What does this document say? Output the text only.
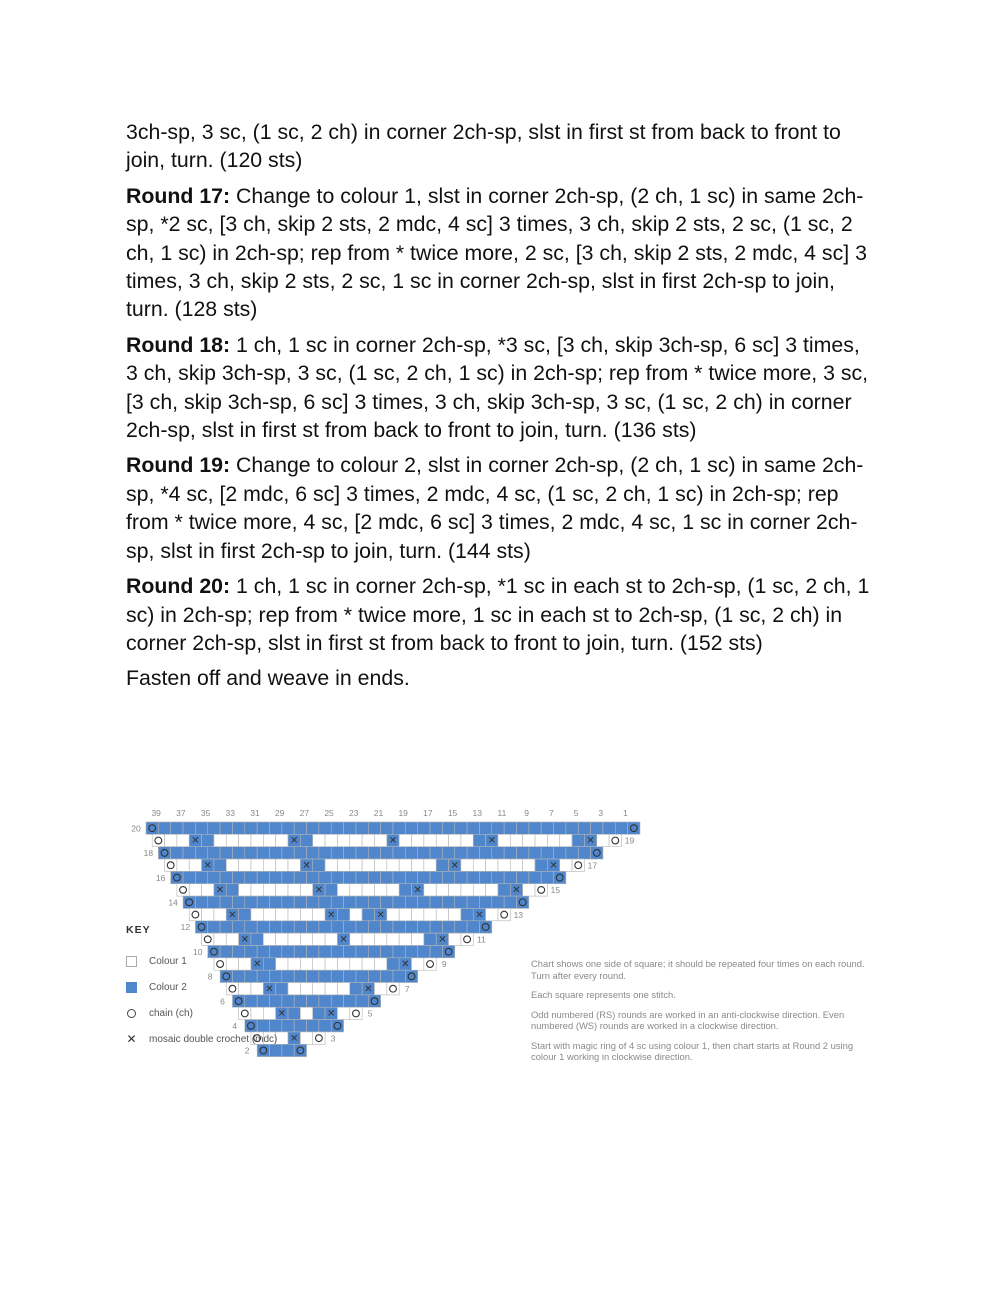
3ch-sp, 3 sc, (1 sc, 2 ch) in corner 2ch-sp, slst in first st from back to front to join, turn. (120 sts)

Round 17: Change to colour 1, slst in corner 2ch-sp, (2 ch, 1 sc) in same 2ch-sp, *2 sc, [3 ch, skip 2 sts, 2 mdc, 4 sc] 3 times, 3 ch, skip 2 sts, 2 sc, (1 sc, 2 ch, 1 sc) in 2ch-sp; rep from * twice more, 2 sc, [3 ch, skip 2 sts, 2 mdc, 4 sc] 3 times, 3 ch, skip 2 sts, 2 sc, 1 sc in corner 2ch-sp, slst in first 2ch-sp to join, turn. (128 sts)

Round 18: 1 ch, 1 sc in corner 2ch-sp, *3 sc, [3 ch, skip 3ch-sp, 6 sc] 3 times, 3 ch, skip 3ch-sp, 3 sc, (1 sc, 2 ch, 1 sc) in 2ch-sp; rep from * twice more, 3 sc, [3 ch, skip 3ch-sp, 6 sc] 3 times, 3 ch, skip 3ch-sp, 3 sc, (1 sc, 2 ch) in corner 2ch-sp, slst in first st from back to front to join, turn. (136 sts)

Round 19: Change to colour 2, slst in corner 2ch-sp, (2 ch, 1 sc) in same 2ch-sp, *4 sc, [2 mdc, 6 sc] 3 times, 2 mdc, 4 sc, (1 sc, 2 ch, 1 sc) in 2ch-sp; rep from * twice more, 4 sc, [2 mdc, 6 sc] 3 times, 2 mdc, 4 sc, 1 sc in corner 2ch-sp, slst in first 2ch-sp to join, turn. (144 sts)

Round 20: 1 ch, 1 sc in corner 2ch-sp, *1 sc in each st to 2ch-sp, (1 sc, 2 ch, 1 sc) in 2ch-sp; rep from * twice more, 1 sc in each st to 2ch-sp, (1 sc, 2 ch) in corner 2ch-sp, slst in first st from back to front to join, turn. (152 sts)

Fasten off and weave in ends.

39 37 35 33 31 29 27 25 23 21 19 17 15 13 11 9 7 5 3 1
20
✕	✕	✕	✕	✕	19
18
✕	✕	✕	✕	17
16
✕	✕	✕	✕	15
14
✕	✕	✕	✕	13
12
✕	✕	✕	11
10
✕	✕	9
8
✕	✕	7
6
✕	✕	5
4
✕	3
2
KEY
Colour 1
Colour 2
chain (ch)
✕ mosaic double crochet (mdc)

Chart shows one side of square; it should be repeated four times on each round. Turn after every round.

Each square represents one stitch.

Odd numbered (RS) rounds are worked in an anti-clockwise direction. Even numbered (WS) rounds are worked in a clockwise direction.

Start with magic ring of 4 sc using colour 1, then chart starts at Round 2 using colour 1 working in clockwise direction.
